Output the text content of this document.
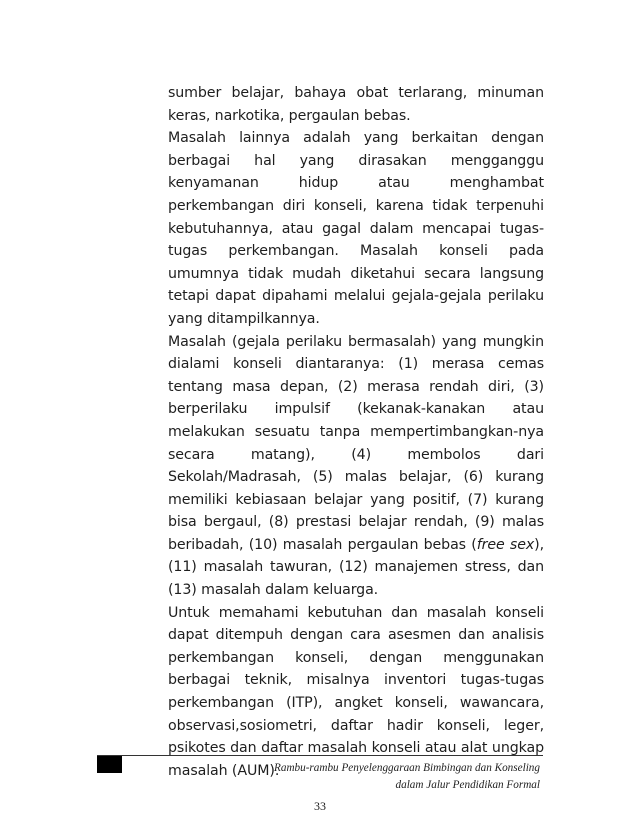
sumber belajar, bahaya obat terlarang, minuman keras, narkotika, pergaulan bebas.

Masalah lainnya adalah yang berkaitan dengan berbagai hal yang dirasakan mengganggu kenyamanan hidup atau menghambat perkembangan diri konseli, karena tidak terpenuhi kebutuhannya, atau gagal dalam mencapai tugas-tugas perkembangan. Masalah konseli pada umumnya tidak mudah diketahui secara langsung tetapi dapat dipahami melalui gejala-gejala perilaku yang ditampilkannya.

Masalah (gejala perilaku bermasalah) yang mungkin dialami konseli diantaranya: (1) merasa cemas tentang masa depan, (2) merasa rendah diri, (3) berperilaku impulsif (kekanak-kanakan atau melakukan sesuatu tanpa mempertimbangkan-nya secara matang), (4) membolos dari Sekolah/Madrasah, (5) malas belajar, (6) kurang memiliki kebiasaan belajar yang positif, (7) kurang bisa bergaul, (8) prestasi belajar rendah, (9) malas beribadah, (10) masalah pergaulan bebas (free sex), (11) masalah tawuran, (12) manajemen stress, dan (13) masalah dalam keluarga.

Untuk memahami kebutuhan dan masalah konseli dapat ditempuh dengan cara asesmen dan analisis perkembangan konseli, dengan menggunakan berbagai teknik, misalnya inventori tugas-tugas perkembangan (ITP), angket konseli, wawancara, observasi,sosiometri, daftar hadir konseli, leger, psikotes dan daftar masalah konseli atau alat ungkap masalah (AUM).

Rambu-rambu Penyelenggaraan Bimbingan dan Konseling
dalam Jalur Pendidikan Formal
33
